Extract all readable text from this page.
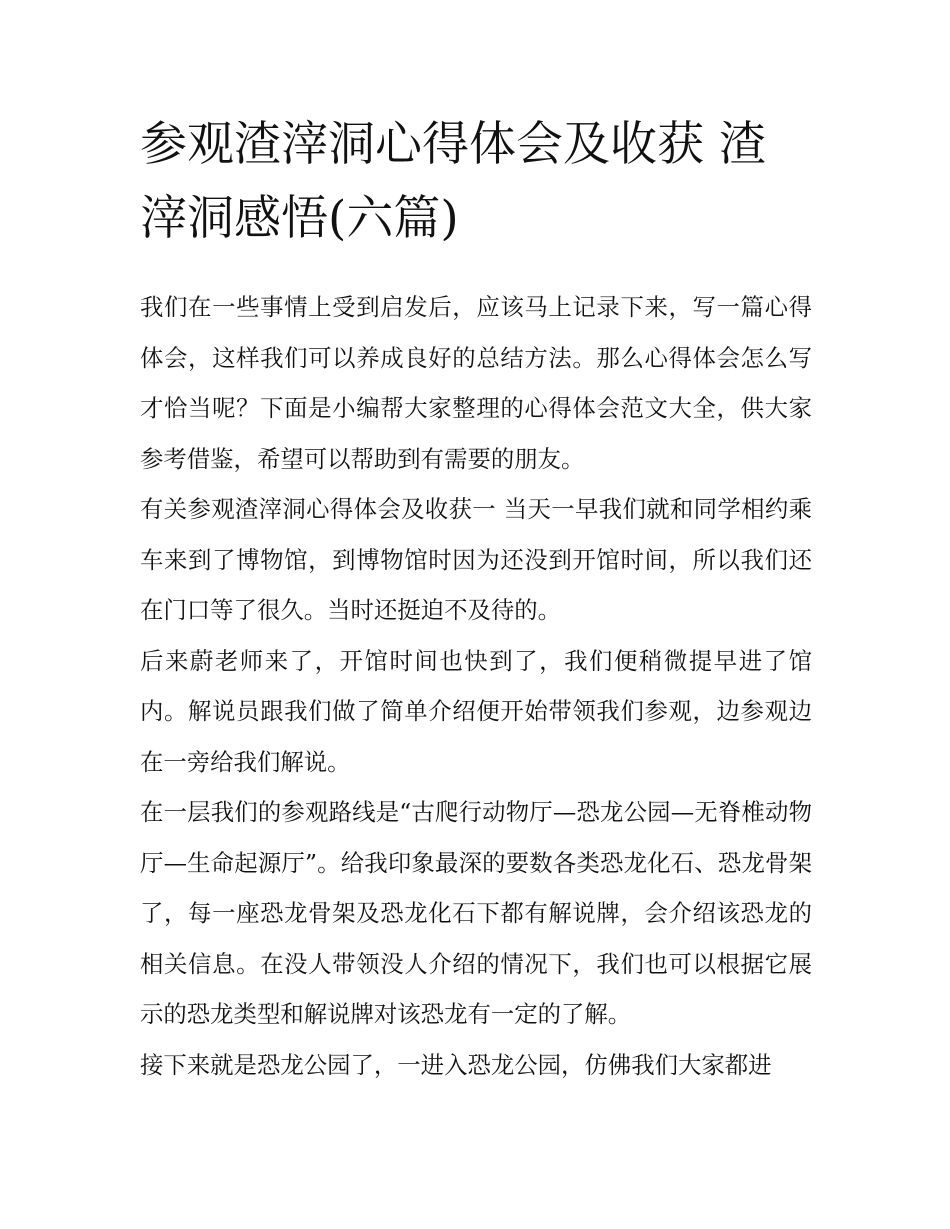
参观渣滓洞心得体会及收获 渣滓洞感悟(六篇)

我们在一些事情上受到启发后，应该马上记录下来，写一篇心得体会，这样我们可以养成良好的总结方法。那么心得体会怎么写才恰当呢？下面是小编帮大家整理的心得体会范文大全，供大家参考借鉴，希望可以帮助到有需要的朋友。

有关参观渣滓洞心得体会及收获一 当天一早我们就和同学相约乘车来到了博物馆，到博物馆时因为还没到开馆时间，所以我们还在门口等了很久。当时还挺迫不及待的。

后来蔚老师来了，开馆时间也快到了，我们便稍微提早进了馆内。解说员跟我们做了简单介绍便开始带领我们参观，边参观边在一旁给我们解说。

在一层我们的参观路线是“古爬行动物厅—恐龙公园—无脊椎动物厅—生命起源厅”。给我印象最深的要数各类恐龙化石、恐龙骨架了，每一座恐龙骨架及恐龙化石下都有解说牌，会介绍该恐龙的相关信息。在没人带领没人介绍的情况下，我们也可以根据它展示的恐龙类型和解说牌对该恐龙有一定的了解。

接下来就是恐龙公园了，一进入恐龙公园，仿佛我们大家都进
